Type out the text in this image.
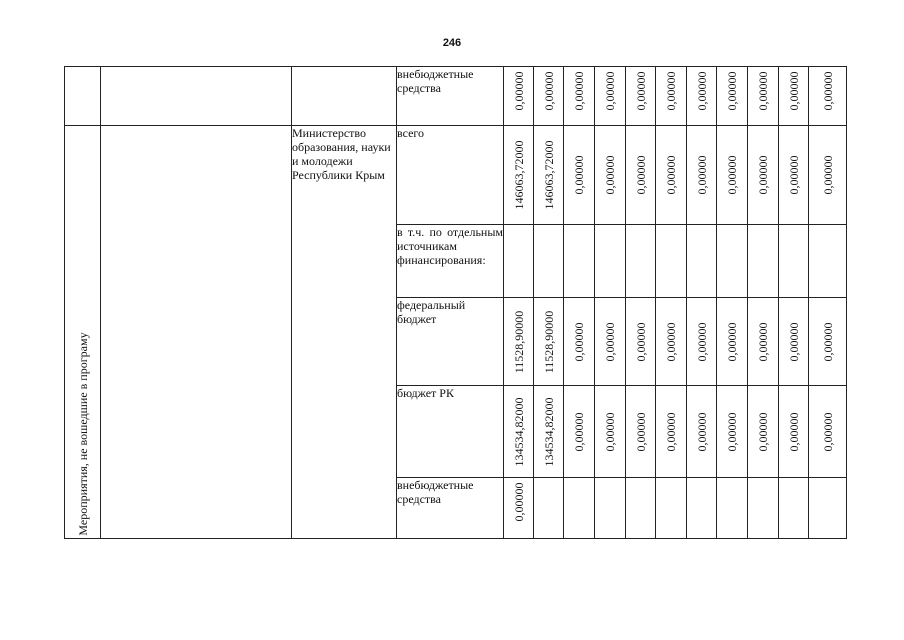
246
			внебюджетные средства	0,00000	0,00000	0,00000	0,00000	0,00000	0,00000	0,00000	0,00000	0,00000	0,00000	0,00000

Мероприятия, не вошедшие в програму		Министерство образования, науки и молодежи Республики Крым	всего	146063,72000	146063,72000	0,00000	0,00000	0,00000	0,00000	0,00000	0,00000	0,00000	0,00000	0,00000

			в т.ч. по отдельным источникам финансирования:											

			федеральный бюджет	11528,90000	11528,90000	0,00000	0,00000	0,00000	0,00000	0,00000	0,00000	0,00000	0,00000	0,00000

			бюджет РК	134534,82000	134534,82000	0,00000	0,00000	0,00000	0,00000	0,00000	0,00000	0,00000	0,00000	0,00000

			внебюджетные средства	0,00000										
